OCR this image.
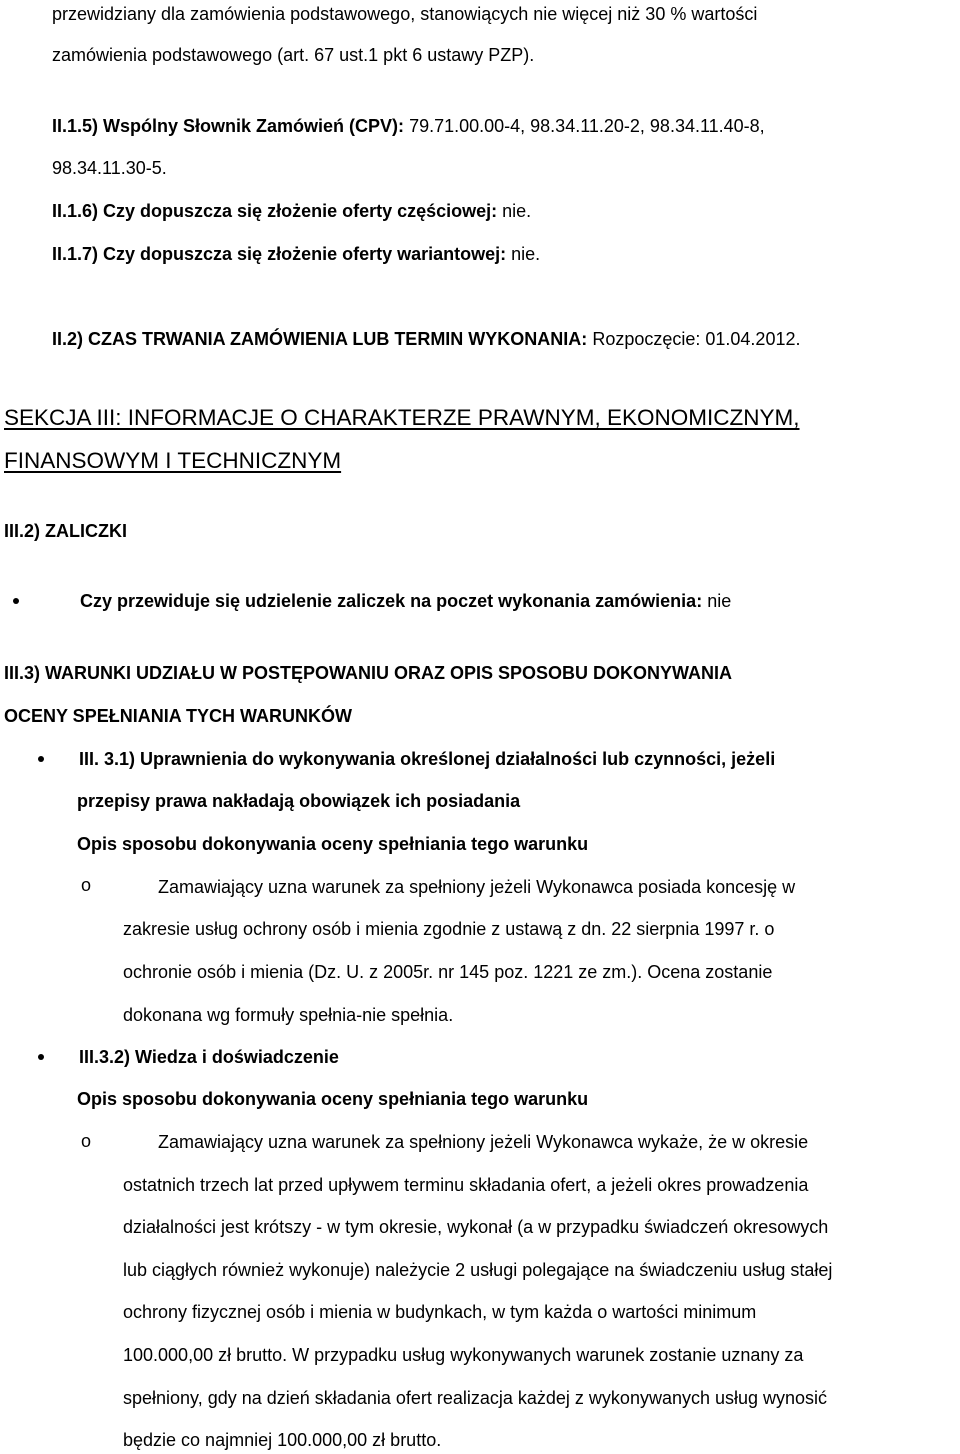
przewidziany dla zamówienia podstawowego, stanowiących nie więcej niż 30 % wartości
zamówienia podstawowego (art. 67 ust.1 pkt 6 ustawy PZP).
II.1.5) Wspólny Słownik Zamówień (CPV): 79.71.00.00-4, 98.34.11.20-2, 98.34.11.40-8,
98.34.11.30-5.
II.1.6) Czy dopuszcza się złożenie oferty częściowej: nie.
II.1.7) Czy dopuszcza się złożenie oferty wariantowej: nie.
II.2) CZAS TRWANIA ZAMÓWIENIA LUB TERMIN WYKONANIA: Rozpoczęcie: 01.04.2012.
SEKCJA III: INFORMACJE O CHARAKTERZE PRAWNYM, EKONOMICZNYM,
FINANSOWYM I TECHNICZNYM
III.2) ZALICZKI
Czy przewiduje się udzielenie zaliczek na poczet wykonania zamówienia: nie
III.3) WARUNKI UDZIAŁU W POSTĘPOWANIU ORAZ OPIS SPOSOBU DOKONYWANIA
OCENY SPEŁNIANIA TYCH WARUNKÓW
III. 3.1) Uprawnienia do wykonywania określonej działalności lub czynności, jeżeli
przepisy prawa nakładają obowiązek ich posiadania
Opis sposobu dokonywania oceny spełniania tego warunku
o	Zamawiający uzna warunek za spełniony jeżeli Wykonawca posiada koncesję w
zakresie usług ochrony osób i mienia zgodnie z ustawą z dn. 22 sierpnia 1997 r. o
ochronie osób i mienia (Dz. U. z 2005r. nr 145 poz. 1221 ze zm.). Ocena zostanie
dokonana wg formuły spełnia-nie spełnia.
III.3.2) Wiedza i doświadczenie
Opis sposobu dokonywania oceny spełniania tego warunku
o	Zamawiający uzna warunek za spełniony jeżeli Wykonawca wykaże, że w okresie
ostatnich trzech lat przed upływem terminu składania ofert, a jeżeli okres prowadzenia
działalności jest krótszy - w tym okresie, wykonał (a w przypadku świadczeń okresowych
lub ciągłych również wykonuje) należycie 2 usługi polegające na świadczeniu usług stałej
ochrony fizycznej osób i mienia w budynkach, w tym każda o wartości minimum
100.000,00 zł brutto. W przypadku usług wykonywanych warunek zostanie uznany za
spełniony, gdy na dzień składania ofert realizacja każdej z wykonywanych usług wynosić
będzie co najmniej 100.000,00 zł brutto.
